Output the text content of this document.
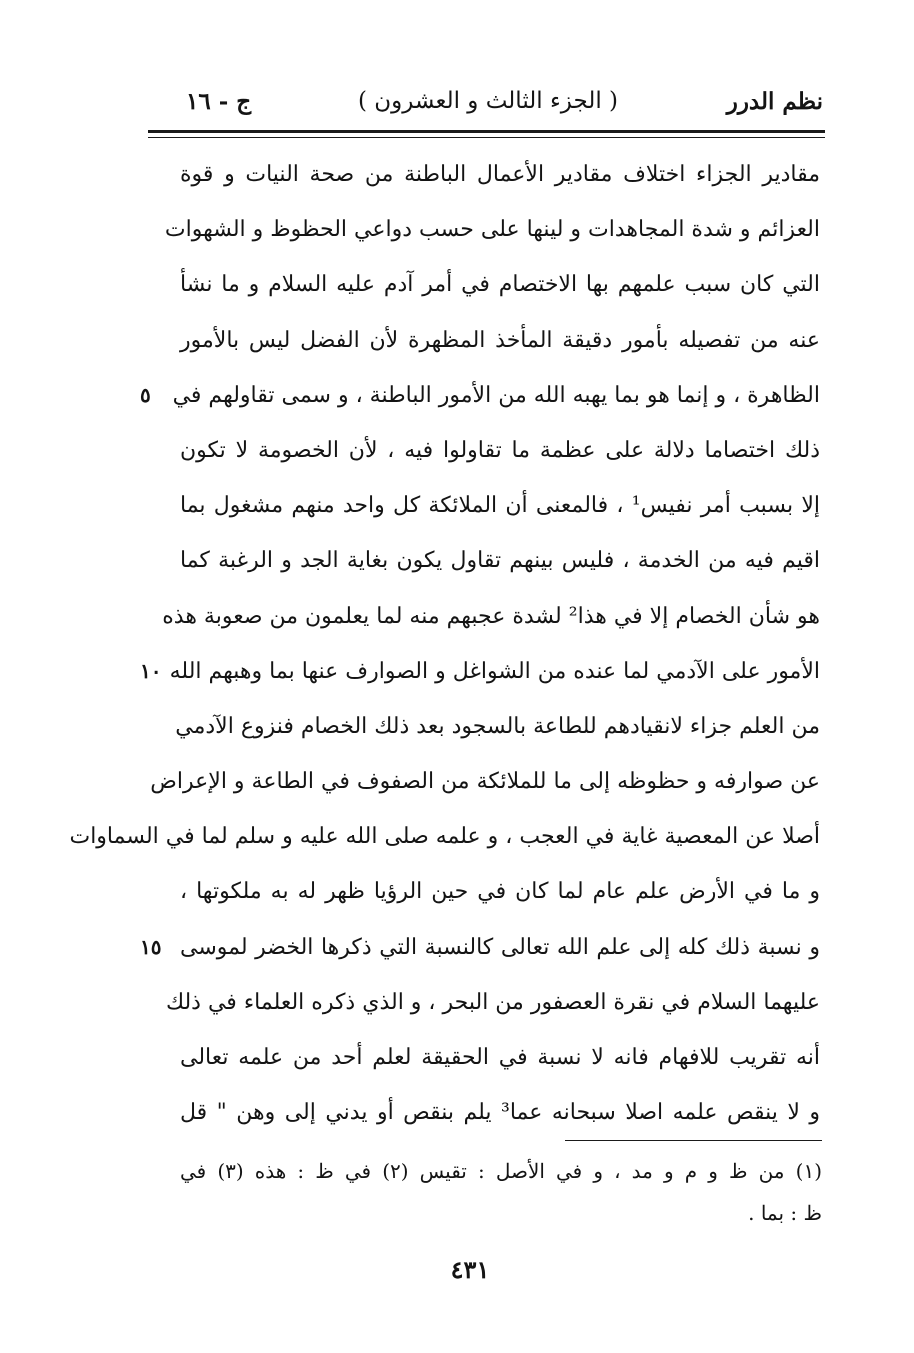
نظم الدرر
( الجزء الثالث و العشرون )
ج - ١٦
مقادير الجزاء اختلاف مقادير الأعمال الباطنة من صحة النيات و قوة
العزائم و شدة المجاهدات و لينها على حسب دواعي الحظوظ و الشهوات
التي كان سبب علمهم بها الاختصام في أمر آدم عليه السلام و ما نشأ
عنه من تفصيله بأمور دقيقة المأخذ المظهرة لأن الفضل ليس بالأمور
الظاهرة ، و إنما هو بما يهبه الله من الأمور الباطنة ، و سمى تقاولهم في
٥
ذلك اختصاما دلالة على عظمة ما تقاولوا فيه ، لأن الخصومة لا تكون
إلا بسبب أمر نفيس¹ ، فالمعنى أن الملائكة كل واحد منهم مشغول بما
اقيم فيه من الخدمة ، فليس بينهم تقاول يكون بغاية الجد و الرغبة كما
هو شأن الخصام إلا في هذا² لشدة عجبهم منه لما يعلمون من صعوبة هذه
الأمور على الآدمي لما عنده من الشواغل و الصوارف عنها بما وهبهم الله
١٠
من العلم جزاء لانقيادهم للطاعة بالسجود بعد ذلك الخصام فنزوع الآدمي
عن صوارفه و حظوظه إلى ما للملائكة من الصفوف في الطاعة و الإعراض
أصلا عن المعصية غاية في العجب ، و علمه صلى الله عليه و سلم لما في السماوات
و ما في الأرض علم عام لما كان في حين الرؤيا ظهر له به ملكوتها ،
و نسبة ذلك كله إلى علم الله تعالى كالنسبة التي ذكرها الخضر لموسى
١٥
عليهما السلام في نقرة العصفور من البحر ، و الذي ذكره العلماء في ذلك
أنه تقريب للافهام فانه لا نسبة في الحقيقة لعلم أحد من علمه تعالى
و لا ينقص علمه اصلا سبحانه عما³ يلم بنقص أو يدني إلى وهن " قل
(١) من ظ و م و مد ، و في الأصل : تقيس (٢) في ظ : هذه (٣) في
ظ : بما .
٤٣١
